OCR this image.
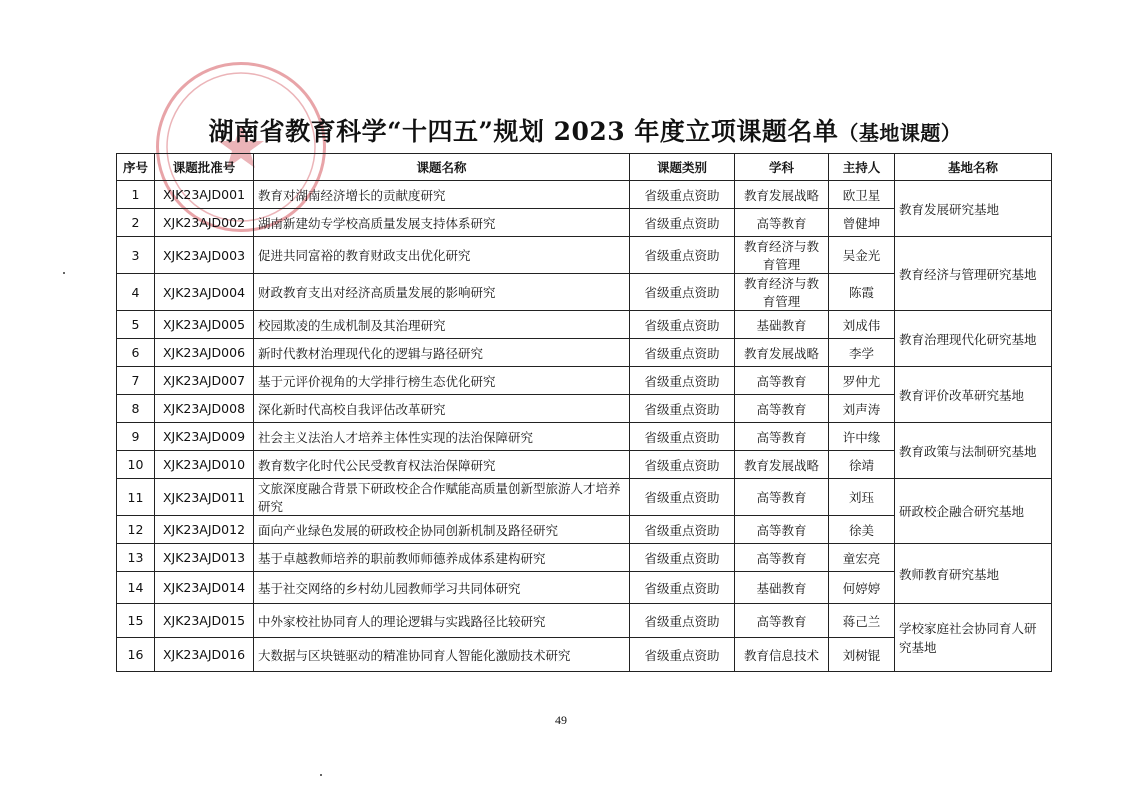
湖南省教育科学“十四五”规划 2023 年度立项课题名单（基地课题）
序号	课题批准号	课题名称	课题类别	学科	主持人	基地名称
1	XJK23AJD001	教育对湖南经济增长的贡献度研究	省级重点资助	教育发展战略	欧卫星	教育发展研究基地
2	XJK23AJD002	湖南新建幼专学校高质量发展支持体系研究	省级重点资助	高等教育	曾健坤	
3	XJK23AJD003	促进共同富裕的教育财政支出优化研究	省级重点资助	教育经济与教育管理	吴金光	教育经济与管理研究基地
4	XJK23AJD004	财政教育支出对经济高质量发展的影响研究	省级重点资助	教育经济与教育管理	陈霞	
5	XJK23AJD005	校园欺凌的生成机制及其治理研究	省级重点资助	基础教育	刘成伟	教育治理现代化研究基地
6	XJK23AJD006	新时代教材治理现代化的逻辑与路径研究	省级重点资助	教育发展战略	李学	
7	XJK23AJD007	基于元评价视角的大学排行榜生态优化研究	省级重点资助	高等教育	罗仲尤	教育评价改革研究基地
8	XJK23AJD008	深化新时代高校自我评估改革研究	省级重点资助	高等教育	刘声涛	
9	XJK23AJD009	社会主义法治人才培养主体性实现的法治保障研究	省级重点资助	高等教育	许中缘	教育政策与法制研究基地
10	XJK23AJD010	教育数字化时代公民受教育权法治保障研究	省级重点资助	教育发展战略	徐靖	
11	XJK23AJD011	文旅深度融合背景下研政校企合作赋能高质量创新型旅游人才培养研究	省级重点资助	高等教育	刘珏	研政校企融合研究基地
12	XJK23AJD012	面向产业绿色发展的研政校企协同创新机制及路径研究	省级重点资助	高等教育	徐美	
13	XJK23AJD013	基于卓越教师培养的职前教师师德养成体系建构研究	省级重点资助	高等教育	童宏亮	教师教育研究基地
14	XJK23AJD014	基于社交网络的乡村幼儿园教师学习共同体研究	省级重点资助	基础教育	何婷婷	
15	XJK23AJD015	中外家校社协同育人的理论逻辑与实践路径比较研究	省级重点资助	高等教育	蒋己兰	学校家庭社会协同育人研究基地
16	XJK23AJD016	大数据与区块链驱动的精准协同育人智能化激励技术研究	省级重点资助	教育信息技术	刘树锟	
49
